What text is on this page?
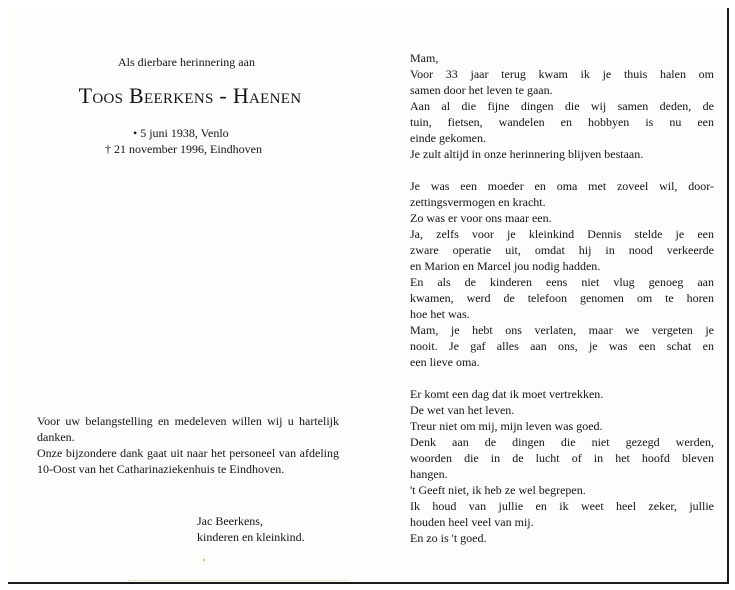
Als dierbare herinnering aan
Toos Beerkens - Haenen
• 5 juni 1938, Venlo
† 21 november 1996, Eindhoven

Voor uw belangstelling en medeleven willen wij u hartelijk danken.

Onze bijzondere dank gaat uit naar het personeel van afdeling 10-Oost van het Catharinaziekenhuis te Eindhoven.

Jac Beerkens,
kinderen en kleinkind.
Mam,
Voor 33 jaar terug kwam ik je thuis halen om
samen door het leven te gaan.
Aan al die fijne dingen die wij samen deden, de
tuin, fietsen, wandelen en hobbyen is nu een
einde gekomen.
Je zult altijd in onze herinnering blijven bestaan.
Je was een moeder en oma met zoveel wil, door-
zettingsvermogen en kracht.
Zo was er voor ons maar een.
Ja, zelfs voor je kleinkind Dennis stelde je een
zware operatie uit, omdat hij in nood verkeerde
en Marion en Marcel jou nodig hadden.
En als de kinderen eens niet vlug genoeg aan
kwamen, werd de telefoon genomen om te horen
hoe het was.
Mam, je hebt ons verlaten, maar we vergeten je
nooit. Je gaf alles aan ons, je was een schat en
een lieve oma.
Er komt een dag dat ik moet vertrekken.
De wet van het leven.
Treur niet om mij, mijn leven was goed.
Denk aan de dingen die niet gezegd werden,
woorden die in de lucht of in het hoofd bleven
hangen.
't Geeft niet, ik heb ze wel begrepen.
Ik houd van jullie en ik weet heel zeker, jullie
houden heel veel van mij.
En zo is 't goed.
